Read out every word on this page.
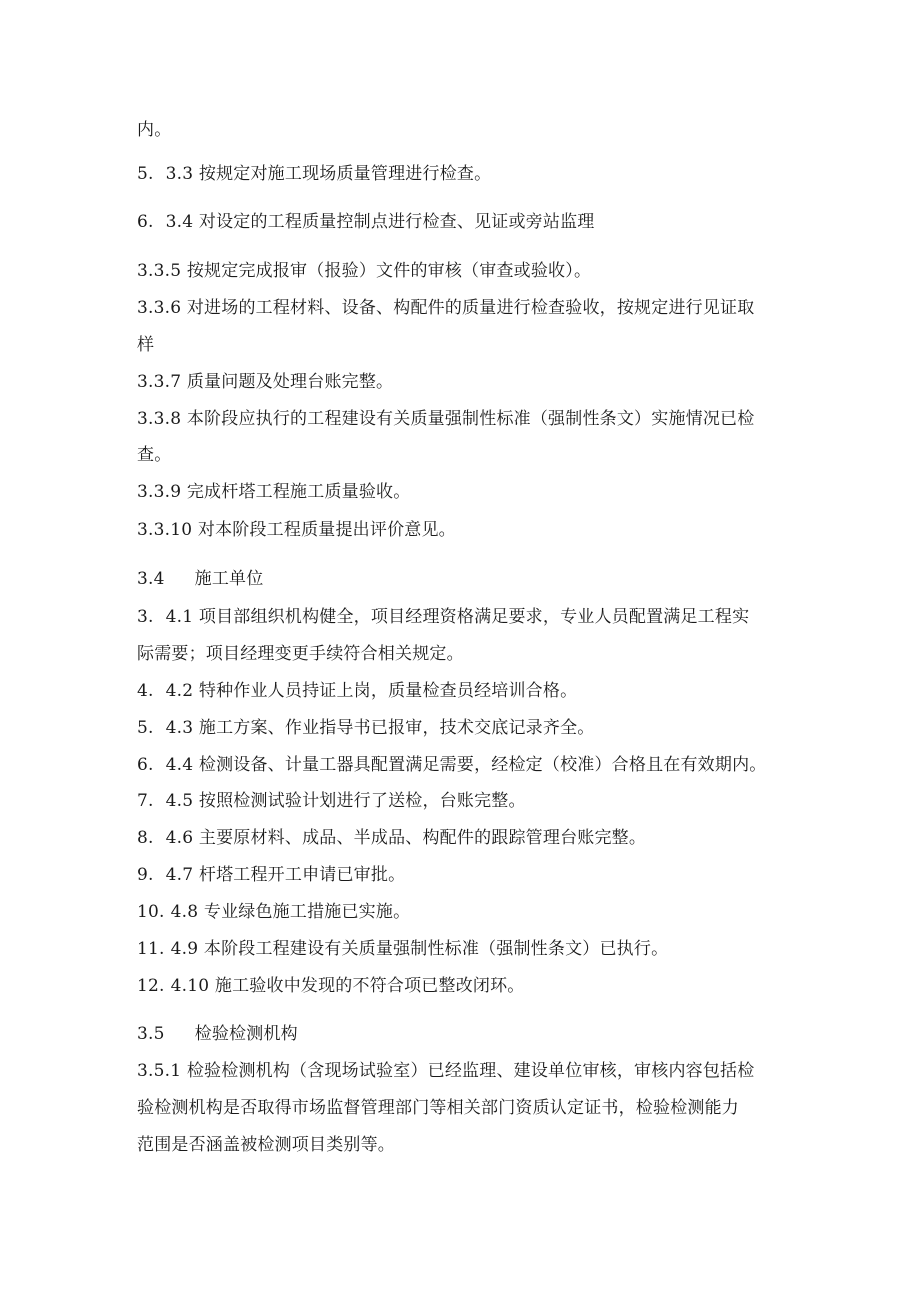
内。
5. 3.3 按规定对施工现场质量管理进行检查。
6. 3.4 对设定的工程质量控制点进行检查、见证或旁站监理
3.3.5 按规定完成报审（报验）文件的审核（审查或验收）。
3.3.6 对进场的工程材料、设备、构配件的质量进行检查验收，按规定进行见证取
样
3.3.7 质量问题及处理台账完整。
3.3.8 本阶段应执行的工程建设有关质量强制性标准（强制性条文）实施情况已检
查。
3.3.9 完成杆塔工程施工质量验收。
3.3.10 对本阶段工程质量提出评价意见。
3.4 施工单位
3. 4.1 项目部组织机构健全，项目经理资格满足要求，专业人员配置满足工程实
际需要；项目经理变更手续符合相关规定。
4. 4.2 特种作业人员持证上岗，质量检查员经培训合格。
5. 4.3 施工方案、作业指导书已报审，技术交底记录齐全。
6. 4.4 检测设备、计量工器具配置满足需要，经检定（校准）合格且在有效期内。
7. 4.5 按照检测试验计划进行了送检，台账完整。
8. 4.6 主要原材料、成品、半成品、构配件的跟踪管理台账完整。
9. 4.7 杆塔工程开工申请已审批。
10. 4.8 专业绿色施工措施已实施。
11. 4.9 本阶段工程建设有关质量强制性标准（强制性条文）已执行。
12. 4.10 施工验收中发现的不符合项已整改闭环。
3.5 检验检测机构
3.5.1 检验检测机构（含现场试验室）已经监理、建设单位审核，审核内容包括检
验检测机构是否取得市场监督管理部门等相关部门资质认定证书，检验检测能力
范围是否涵盖被检测项目类别等。
